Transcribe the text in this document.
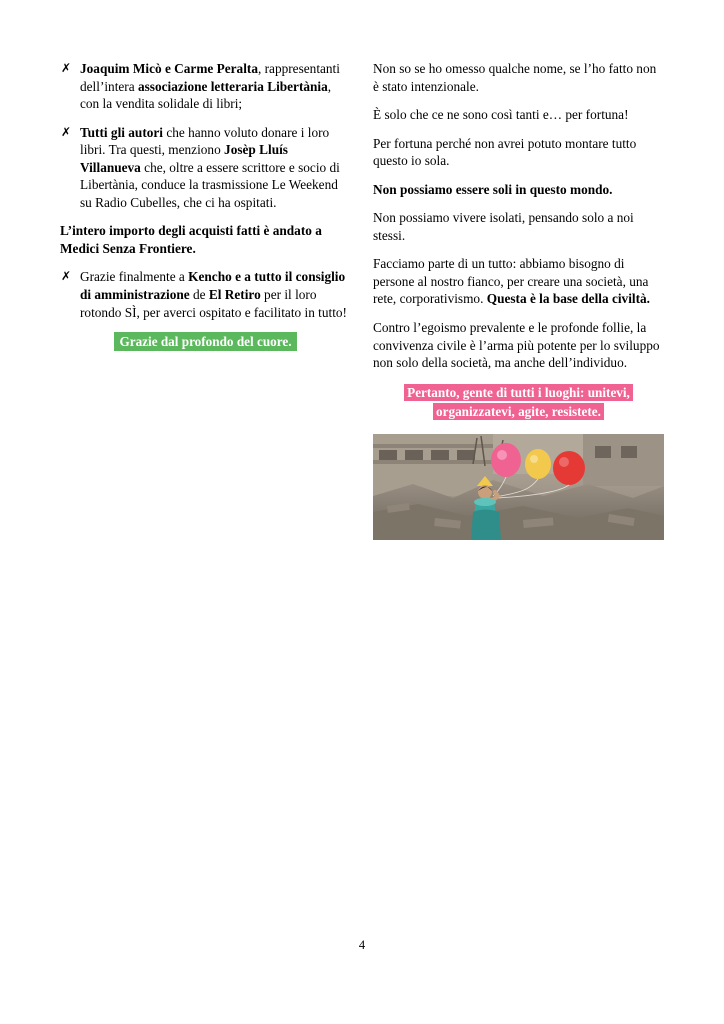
✗ Joaquim Micò e Carme Peralta, rappresentanti dell’intera associazione letteraria Libertània, con la vendita solidale di libri;
✗ Tutti gli autori che hanno voluto donare i loro libri. Tra questi, menziono Josèp Lluís Villanueva che, oltre a essere scrittore e socio di Libertània, conduce la trasmissione Le Weekend su Radio Cubelles, che ci ha ospitati.

L’intero importo degli acquisti fatti è andato a Medici Senza Frontiere.

✗ Grazie finalmente a Kencho e a tutto il consiglio di amministrazione de El Retiro per il loro rotondo SÌ, per averci ospitato e facilitato in tutto!
Grazie dal profondo del cuore.

Non so se ho omesso qualche nome, se l’ho fatto non è stato intenzionale.

È solo che ce ne sono così tanti e… per fortuna!

Per fortuna perché non avrei potuto montare tutto questo io sola.

Non possiamo essere soli in questo mondo.

Non possiamo vivere isolati, pensando solo a noi stessi.

Facciamo parte di un tutto: abbiamo bisogno di persone al nostro fianco, per creare una società, una rete, corporativismo. Questa è la base della civiltà.

Contro l’egoismo prevalente e le profonde follie, la convivenza civile è l’arma più potente per lo sviluppo non solo della società, ma anche dell’individuo.

Pertanto, gente di tutti i luoghi: unitevi, organizzatevi, agite, resistete.
4
